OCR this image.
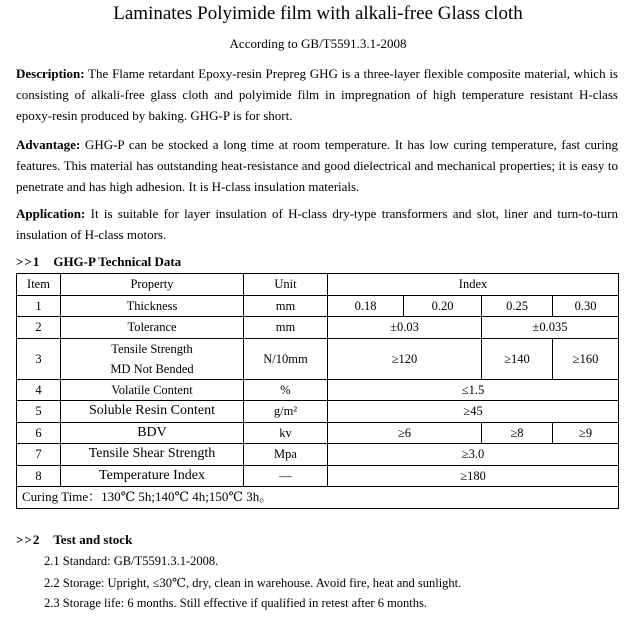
Laminates Polyimide film with alkali-free Glass cloth
According to GB/T5591.3.1-2008
Description: The Flame retardant Epoxy-resin Prepreg GHG is a three-layer flexible composite material, which is consisting of alkali-free glass cloth and polyimide film in impregnation of high temperature resistant H-class epoxy-resin produced by baking. GHG-P is for short.
Advantage: GHG-P can be stocked a long time at room temperature. It has low curing temperature, fast curing features. This material has outstanding heat-resistance and good dielectrical and mechanical properties; it is easy to penetrate and has high adhesion. It is H-class insulation materials.
Application: It is suitable for layer insulation of H-class dry-type transformers and slot, liner and turn-to-turn insulation of H-class motors.
>>1 GHG-P Technical Data
Item	Property	Unit	Index			
1	Thickness	mm	0.18	0.20	0.25	0.30
2	Tolerance	mm	±0.03		±0.035	
3	Tensile Strength
MD Not Bended	N/10mm	≥120		≥140	≥160
4	Volatile Content	%	≤1.5			
5	Soluble Resin Content	g/m²	≥45			
6	BDV	kv	≥6		≥8	≥9
7	Tensile Shear Strength	Mpa	≥3.0			
8	Temperature Index	—	≥180			
Curing Time：130℃ 5h;140℃ 4h;150℃ 3h。						
>>2 Test and stock
2.1 Standard: GB/T5591.3.1-2008.
2.2 Storage: Upright, ≤30℃, dry, clean in warehouse. Avoid fire, heat and sunlight.
2.3 Storage life: 6 months. Still effective if qualified in retest after 6 months.
